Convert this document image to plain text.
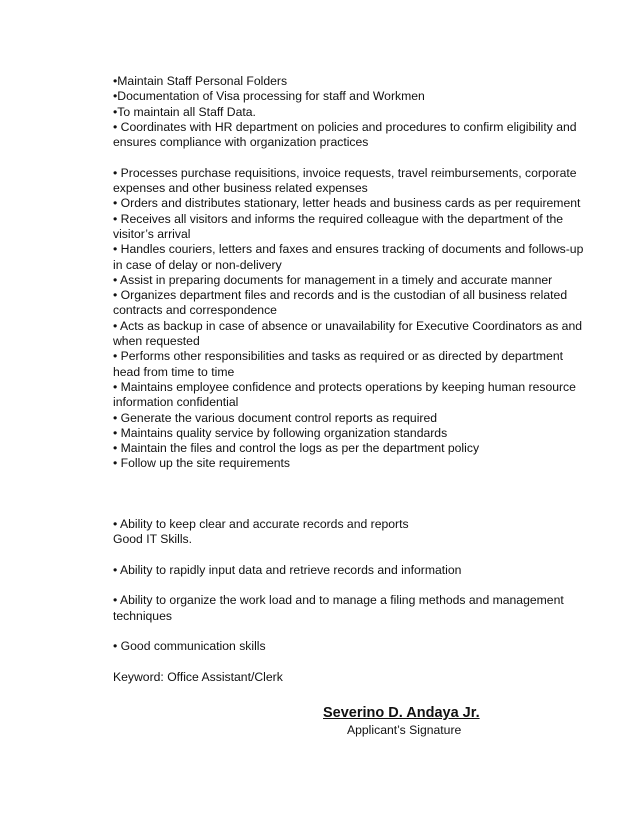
•Maintain Staff Personal Folders
•Documentation of Visa processing for staff and Workmen
•To maintain all Staff Data.
• Coordinates with HR department on policies and procedures to confirm eligibility and
ensures compliance with organization practices
• Processes purchase requisitions, invoice requests, travel reimbursements, corporate
expenses and other business related expenses
• Orders and distributes stationary, letter heads and business cards as per requirement
• Receives all visitors and informs the required colleague with the department of the
visitor’s arrival
• Handles couriers, letters and faxes and ensures tracking of documents and follows-up
in case of delay or non-delivery
• Assist in preparing documents for management in a timely and accurate manner
• Organizes department files and records and is the custodian of all business related
contracts and correspondence
• Acts as backup in case of absence or unavailability for Executive Coordinators as and
when requested
• Performs other responsibilities and tasks as required or as directed by department
head from time to time
• Maintains employee confidence and protects operations by keeping human resource
information confidential
• Generate the various document control reports as required
• Maintains quality service by following organization standards
• Maintain the files and control the logs as per the department policy
• Follow up the site requirements
• Ability to keep clear and accurate records and reports
Good IT Skills.
• Ability to rapidly input data and retrieve records and information
• Ability to organize the work load and to manage a filing methods and management
techniques
• Good communication skills
Keyword: Office Assistant/Clerk
Severino D. Andaya Jr.
Applicant’s Signature
